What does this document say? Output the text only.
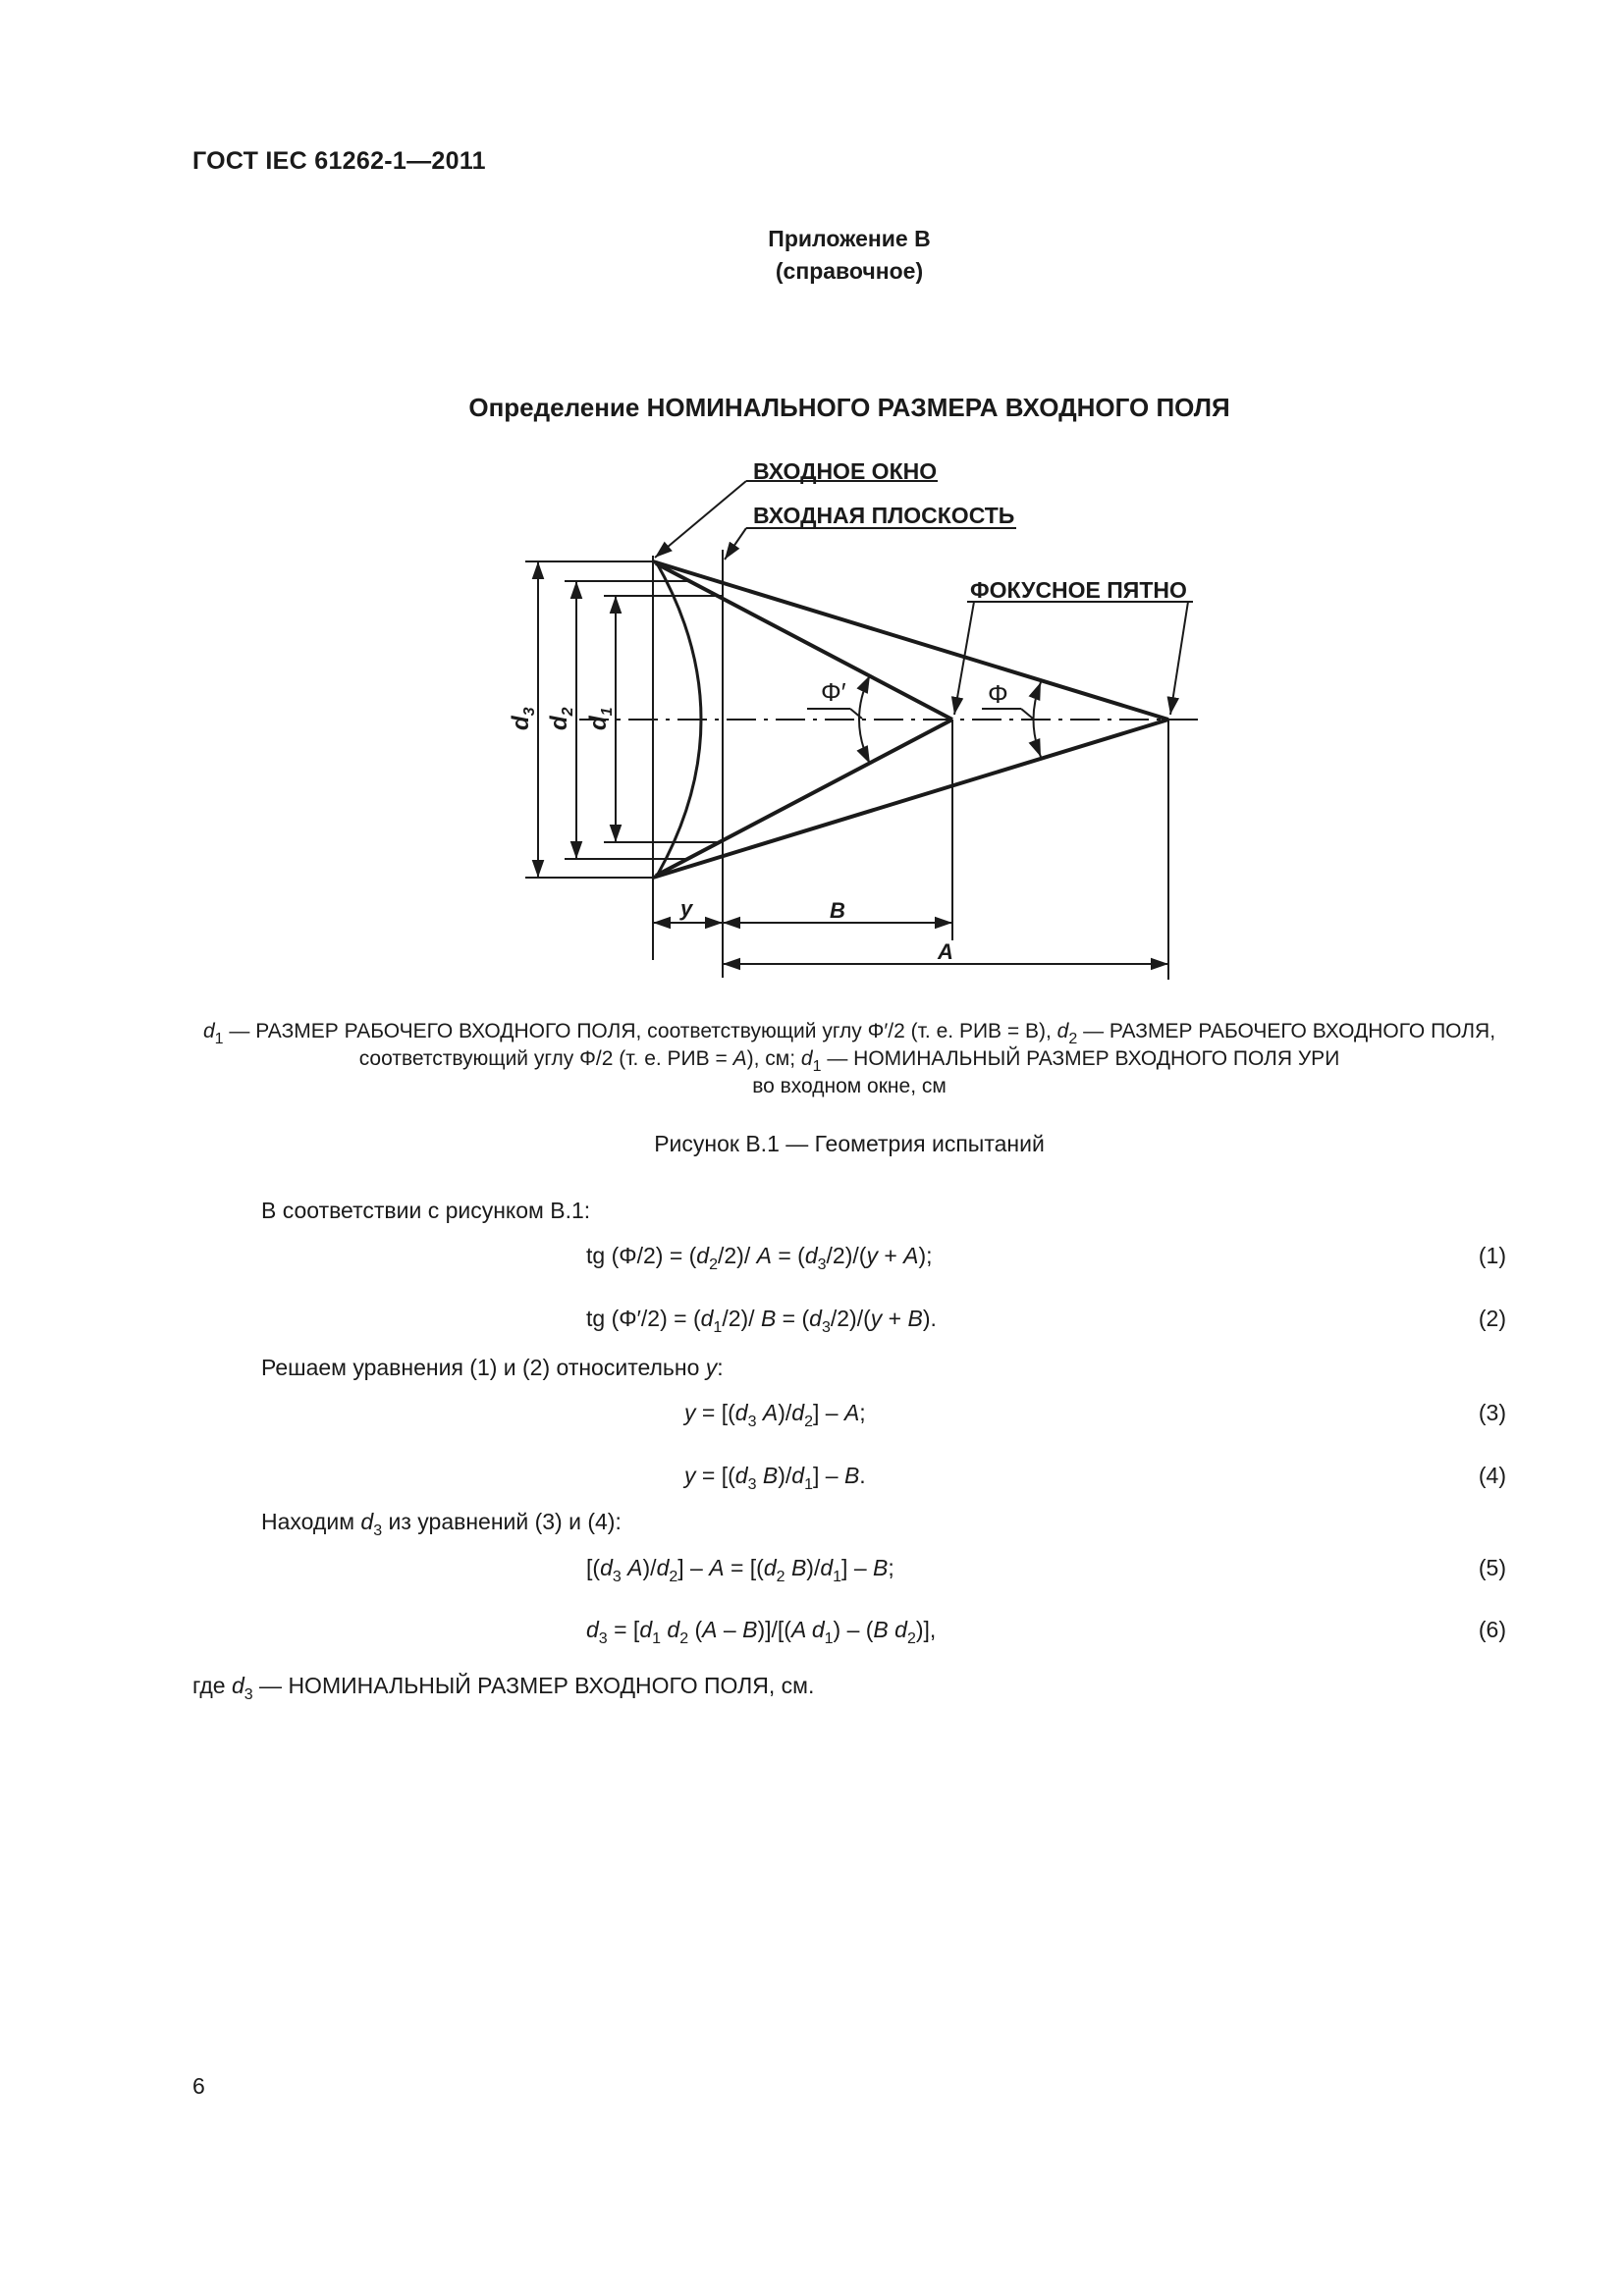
ГОСТ IEC 61262-1—2011
Приложение В
(справочное)
Определение НОМИНАЛЬНОГО РАЗМЕРА ВХОДНОГО ПОЛЯ
ВХОДНОЕ ОКНО
ВХОДНАЯ ПЛОСКОСТЬ
ФОКУСНОЕ ПЯТНО
Φ′	Φ
$d_3$
$d_2$
$d_1$
y	B
A
$d_1$ — РАЗМЕР РАБОЧЕГО ВХОДНОГО ПОЛЯ, соответствующий углу Φ′/2 (т. е. РИВ = B), $d_2$ — РАЗМЕР РАБОЧЕГО ВХОДНОГО ПОЛЯ, соответствующий углу Φ/2 (т. е. РИВ = A), см; $d_1$ — НОМИНАЛЬНЫЙ РАЗМЕР ВХОДНОГО ПОЛЯ УРИ
во входном окне, см
Рисунок В.1 — Геометрия испытаний
В соответствии с рисунком В.1:
tg $(\Phi/2) = (d_2/2)/$ $A = (d_3/2)/(y + A)$;	(1)
tg $(\Phi'/2) = (d_1/2)/$ $B = (d_3/2)/(y + B)$.	(2)
Решаем уравнения (1) и (2) относительно y:
$y = [(d_3$ $A)/d_2$] – A;	(3)
$y = [(d_3$ $B)/d_1$] – B.	(4)
Находим $d_3$ из уравнений (3) и (4):
[($d_3$ $A)/d_2] - A = [(d_2$ $B)/d_1$] – B;	(5)
$d_3 = [d_1$ $d_2$ (A – B)]/[(A $d_1) - (B$ $d_2$)],	(6)
где $d_3$ — НОМИНАЛЬНЫЙ РАЗМЕР ВХОДНОГО ПОЛЯ, см.
6
